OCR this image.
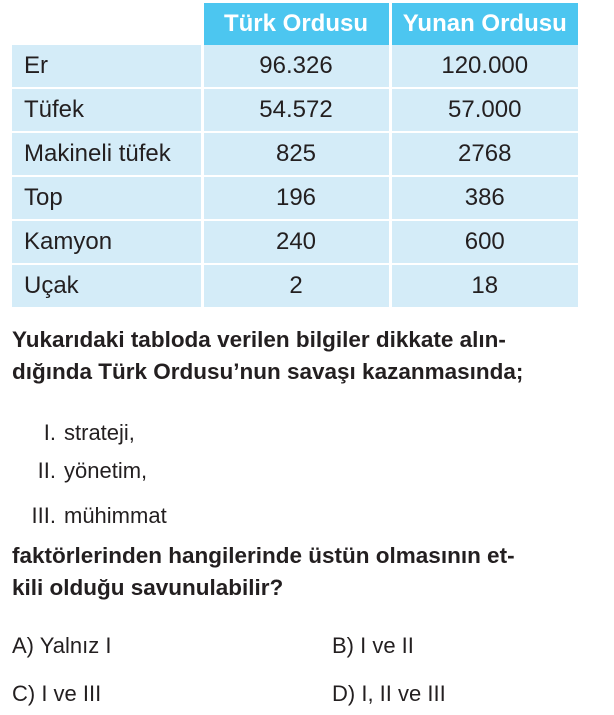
	Türk Ordusu	Yunan Ordusu
Er	96.326	120.000
Tüfek	54.572	57.000
Makineli tüfek	825	2768
Top	196	386
Kamyon	240	600
Uçak	2	18
Yukarıdaki tabloda verilen bilgiler dikkate alın-
dığında Türk Ordusu’nun savaşı kazanmasında;
I. strateji,
II. yönetim,
III. mühimmat
faktörlerinden hangilerinde üstün olmasının et-
kili olduğu savunulabilir?
A) Yalnız I	B) I ve II
C) I ve III	D) I, II ve III
